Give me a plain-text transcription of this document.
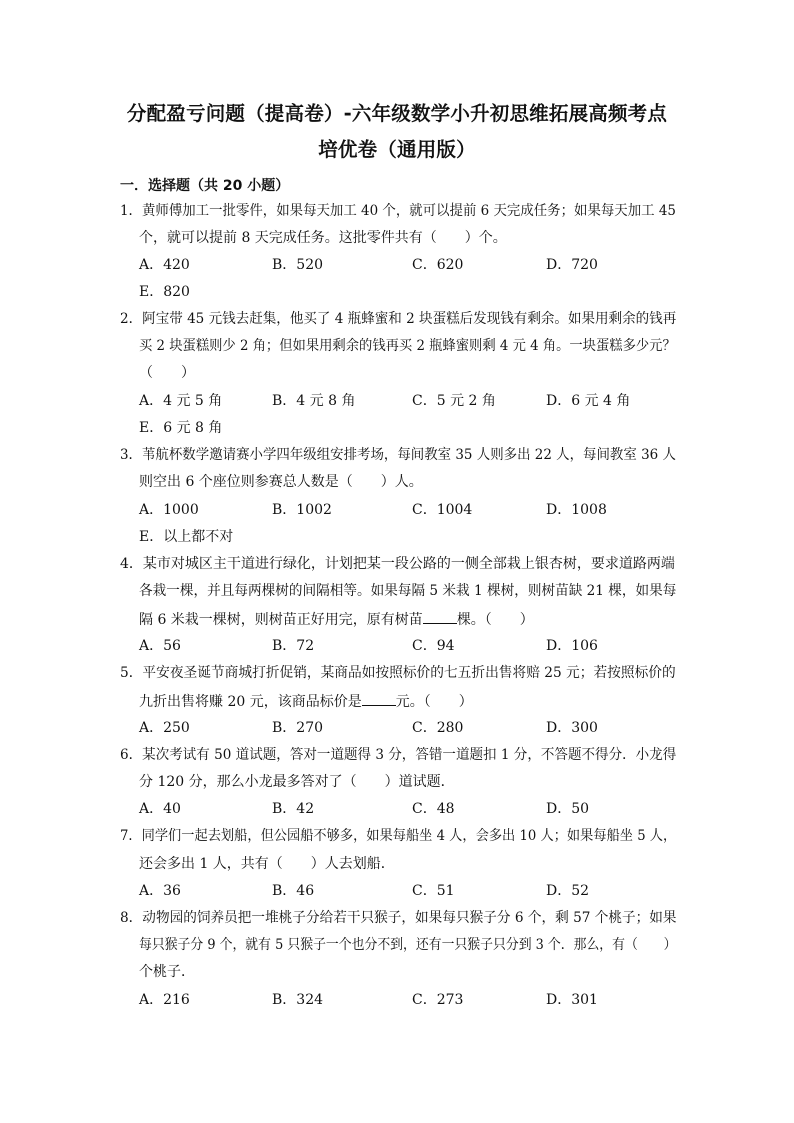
分配盈亏问题（提高卷）-六年级数学小升初思维拓展高频考点
培优卷（通用版）
一．选择题（共 20 小题）
1．黄师傅加工一批零件，如果每天加工 40 个，就可以提前 6 天完成任务；如果每天加工 45
个，就可以提前 8 天完成任务。这批零件共有（　　）个。
A．420	B．520	C．620	D．720
E．820
2．阿宝带 45 元钱去赶集，他买了 4 瓶蜂蜜和 2 块蛋糕后发现钱有剩余。如果用剩余的钱再
买 2 块蛋糕则少 2 角；但如果用剩余的钱再买 2 瓶蜂蜜则剩 4 元 4 角。一块蛋糕多少元？
（　　）
A．4 元 5 角	B．4 元 8 角	C．5 元 2 角	D．6 元 4 角
E．6 元 8 角
3．苇航杯数学邀请赛小学四年级组安排考场，每间教室 35 人则多出 22 人，每间教室 36 人
则空出 6 个座位则参赛总人数是（　　）人。
A．1000	B．1002	C．1004	D．1008
E．以上都不对
4．某市对城区主干道进行绿化，计划把某一段公路的一侧全部栽上银杏树，要求道路两端
各栽一棵，并且每两棵树的间隔相等。如果每隔 5 米栽 1 棵树，则树苗缺 21 棵，如果每
隔 6 米栽一棵树，则树苗正好用完，原有树苗 棵。（　　）
A．56	B．72	C．94	D．106
5．平安夜圣诞节商城打折促销，某商品如按照标价的七五折出售将赔 25 元；若按照标价的
九折出售将赚 20 元，该商品标价是 元。（　　）
A．250	B．270	C．280	D．300
6．某次考试有 50 道试题，答对一道题得 3 分，答错一道题扣 1 分，不答题不得分．小龙得
分 120 分，那么小龙最多答对了（　　）道试题．
A．40	B．42	C．48	D．50
7．同学们一起去划船，但公园船不够多，如果每船坐 4 人，会多出 10 人；如果每船坐 5 人，
还会多出 1 人，共有（　　）人去划船．
A．36	B．46	C．51	D．52
8．动物园的饲养员把一堆桃子分给若干只猴子，如果每只猴子分 6 个，剩 57 个桃子；如果
每只猴子分 9 个，就有 5 只猴子一个也分不到，还有一只猴子只分到 3 个．那么，有（　　）
个桃子．
A．216	B．324	C．273	D．301
